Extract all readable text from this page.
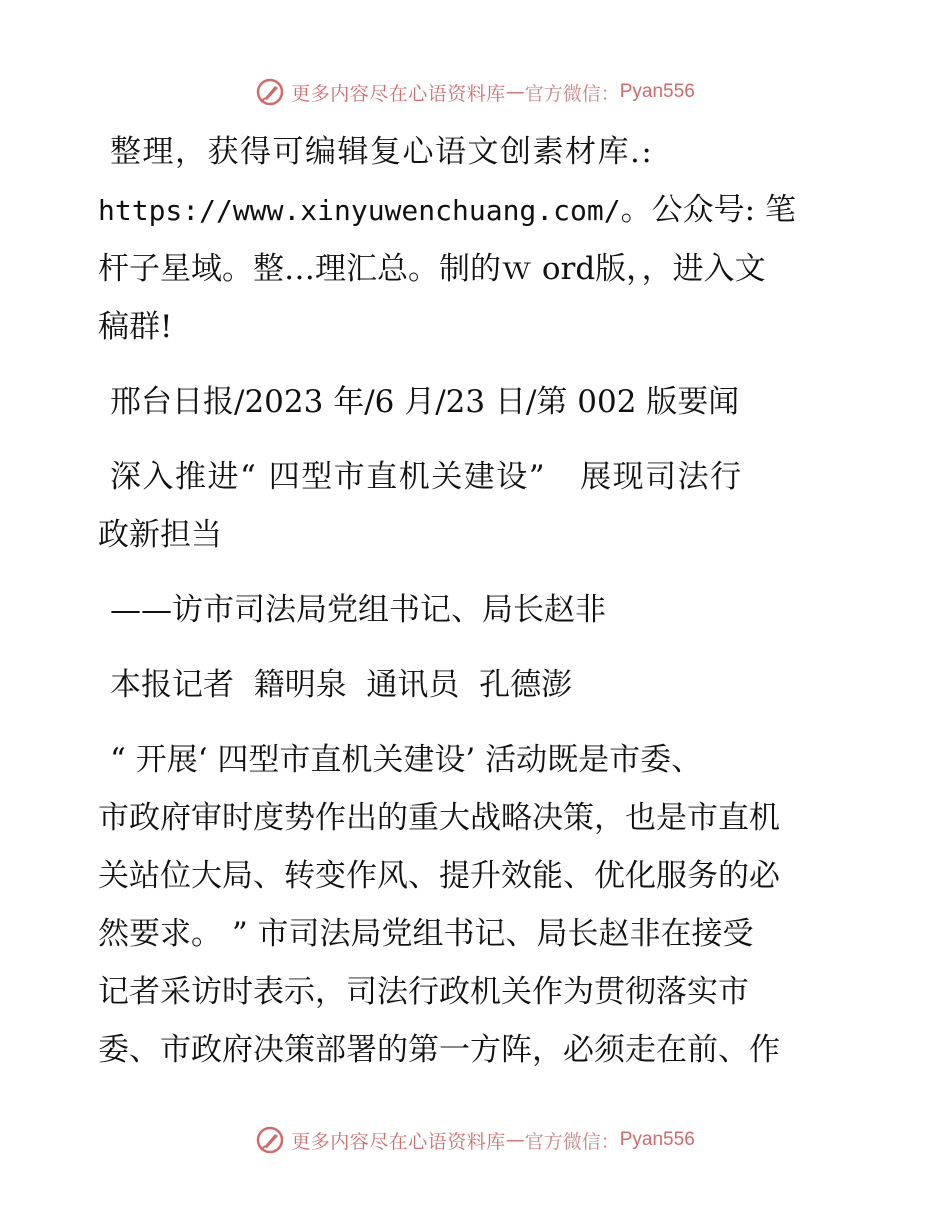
更多内容尽在心语资料库 — 官方微信： Pyan556

整理，获得可编辑复心语文创素材库.:

https://www.xinyuwenchuang.com/。公众号: 笔

杆子星域。整…理汇总。制的ｗ ord版，，进入文

稿群!

邢台日报/2023 年/6 月/23 日/第 002 版要闻

深入推进“ 四型市直机关建设”   展现司法行

政新担当

——访市司法局党组书记、局长赵非

本报记者  籍明泉  通讯员  孔德澎

“ 开展‘ 四型市直机关建设’ 活动既是市委、

市政府审时度势作出的重大战略决策，也是市直机

关站位大局、转变作风、提升效能、优化服务的必

然要求。 ” 市司法局党组书记、局长赵非在接受

记者采访时表示，司法行政机关作为贯彻落实市

委、市政府决策部署的第一方阵，必须走在前、作

更多内容尽在心语资料库 — 官方微信： Pyan556
